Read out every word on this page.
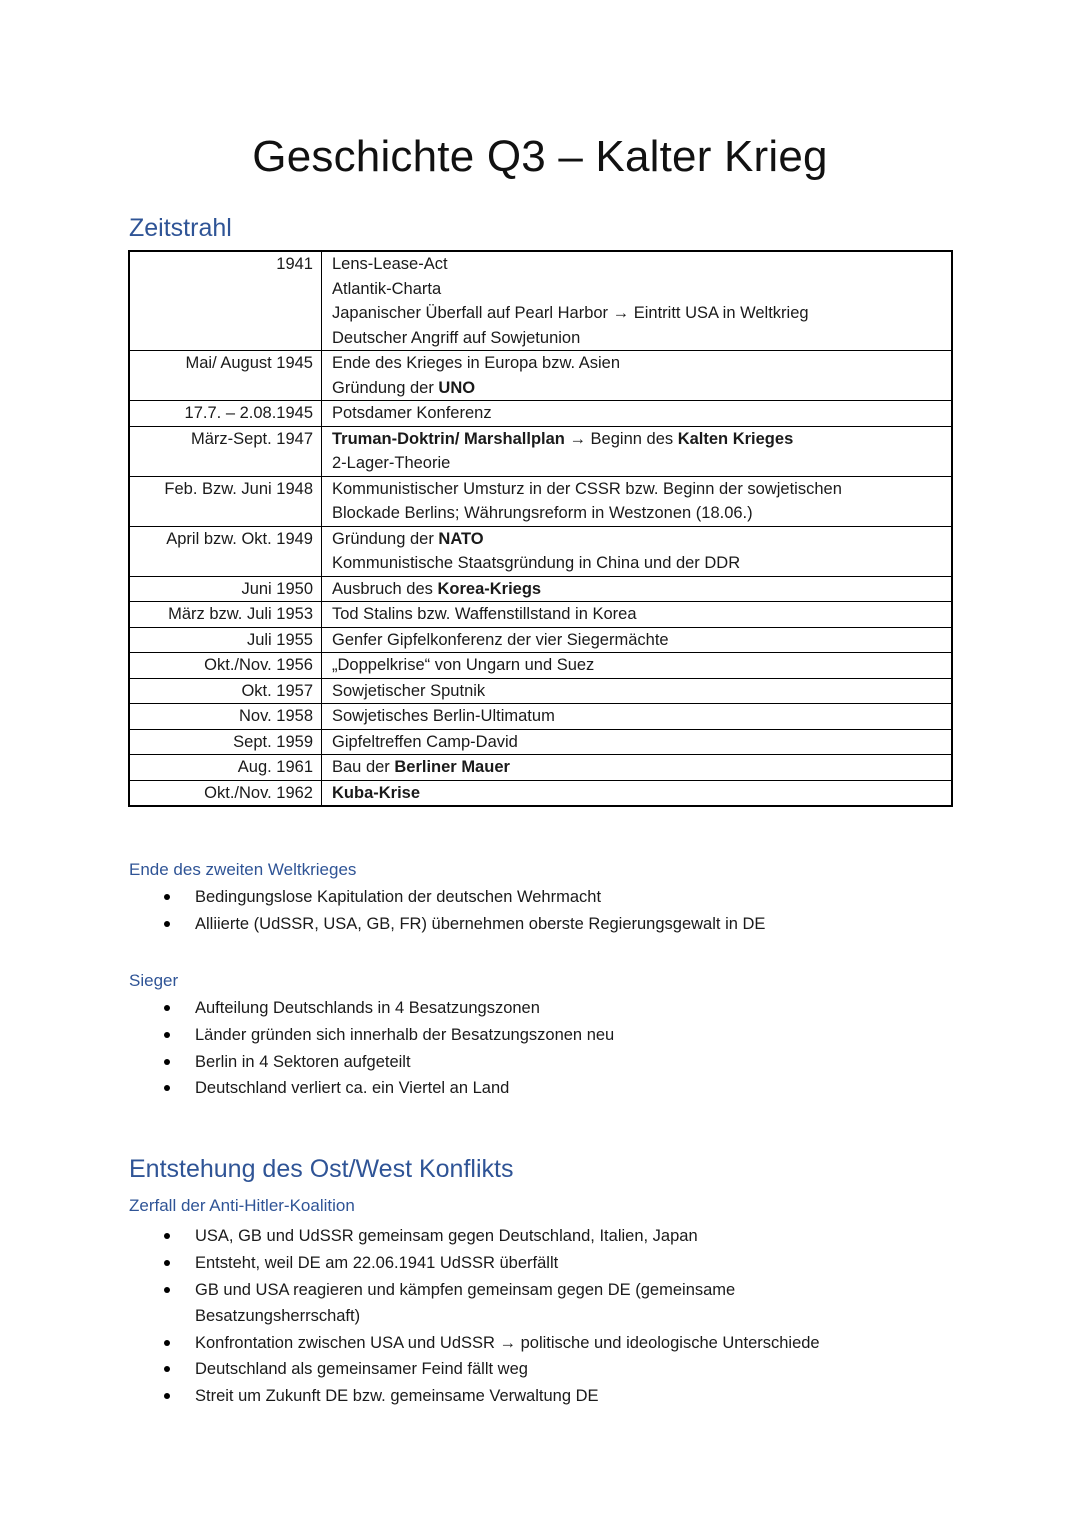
Geschichte Q3 – Kalter Krieg
Zeitstrahl
1941	Lens-Lease-Act
Atlantik-Charta
Japanischer Überfall auf Pearl Harbor → Eintritt USA in Weltkrieg
Deutscher Angriff auf Sowjetunion

Mai/ August 1945	Ende des Krieges in Europa bzw. Asien
Gründung der UNO

17.7. – 2.08.1945	Potsdamer Konferenz

März-Sept. 1947	Truman-Doktrin/ Marshallplan → Beginn des Kalten Krieges
2-Lager-Theorie

Feb. Bzw. Juni 1948	Kommunistischer Umsturz in der CSSR bzw. Beginn der sowjetischen
Blockade Berlins; Währungsreform in Westzonen (18.06.)

April bzw. Okt. 1949	Gründung der NATO
Kommunistische Staatsgründung in China und der DDR

Juni 1950	Ausbruch des Korea-Kriegs

März bzw. Juli 1953	Tod Stalins bzw. Waffenstillstand in Korea

Juli 1955	Genfer Gipfelkonferenz der vier Siegermächte

Okt./Nov. 1956	„Doppelkrise“ von Ungarn und Suez

Okt. 1957	Sowjetischer Sputnik

Nov. 1958	Sowjetisches Berlin-Ultimatum

Sept. 1959	Gipfeltreffen Camp-David

Aug. 1961	Bau der Berliner Mauer

Okt./Nov. 1962	Kuba-Krise
Ende des zweiten Weltkrieges
Bedingungslose Kapitulation der deutschen Wehrmacht
Alliierte (UdSSR, USA, GB, FR) übernehmen oberste Regierungsgewalt in DE
Sieger
Aufteilung Deutschlands in 4 Besatzungszonen
Länder gründen sich innerhalb der Besatzungszonen neu
Berlin in 4 Sektoren aufgeteilt
Deutschland verliert ca. ein Viertel an Land
Entstehung des Ost/West Konflikts
Zerfall der Anti-Hitler-Koalition
USA, GB und UdSSR gemeinsam gegen Deutschland, Italien, Japan
Entsteht, weil DE am 22.06.1941 UdSSR überfällt
GB und USA reagieren und kämpfen gemeinsam gegen DE (gemeinsame Besatzungsherrschaft)
Konfrontation zwischen USA und UdSSR → politische und ideologische Unterschiede
Deutschland als gemeinsamer Feind fällt weg
Streit um Zukunft DE bzw. gemeinsame Verwaltung DE
